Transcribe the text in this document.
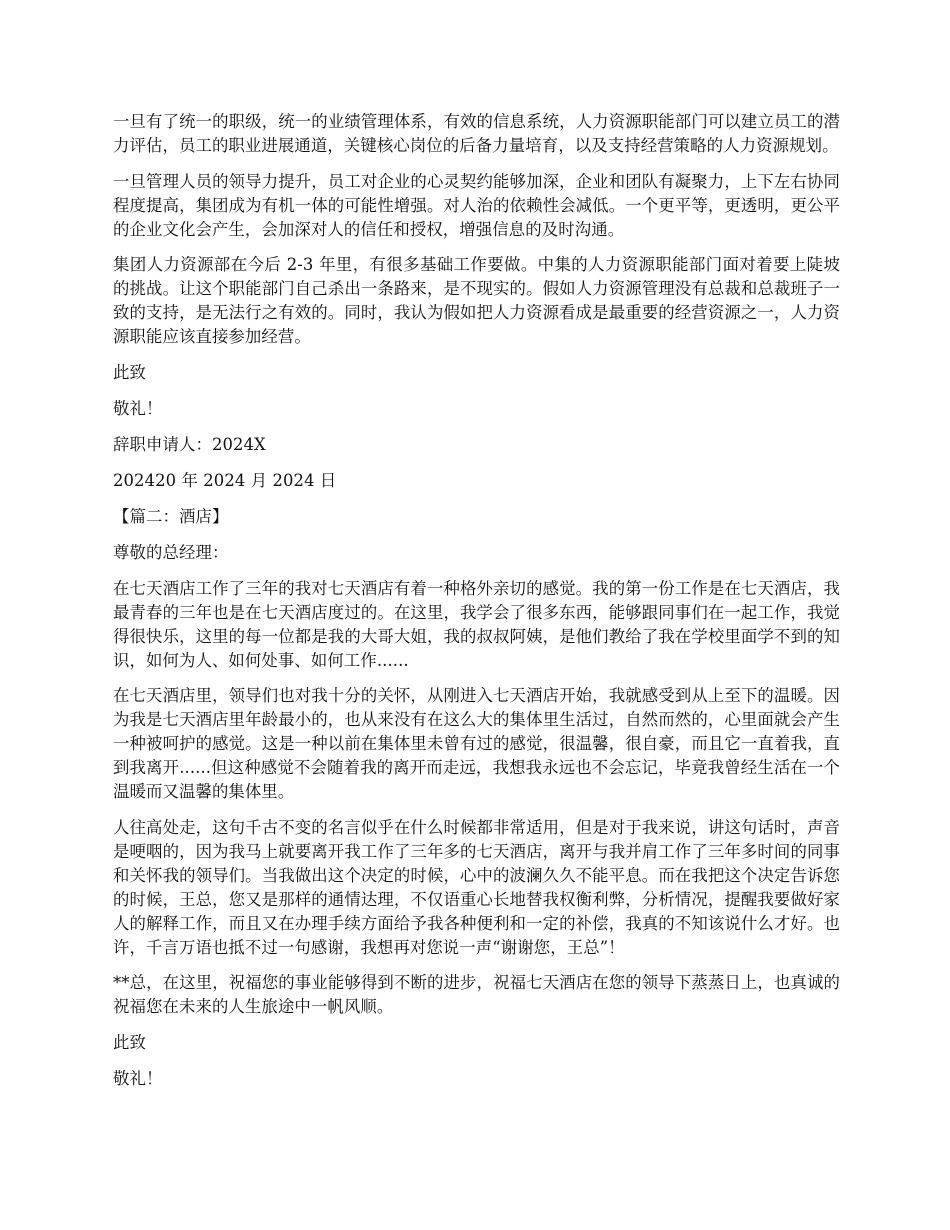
一旦有了统一的职级，统一的业绩管理体系，有效的信息系统，人力资源职能部门可以建立员工的潜力评估，员工的职业进展通道，关键核心岗位的后备力量培育，以及支持经营策略的人力资源规划。

一旦管理人员的领导力提升，员工对企业的心灵契约能够加深，企业和团队有凝聚力，上下左右协同程度提高，集团成为有机一体的可能性增强。对人治的依赖性会减低。一个更平等，更透明，更公平的企业文化会产生，会加深对人的信任和授权，增强信息的及时沟通。

集团人力资源部在今后 2-3 年里，有很多基础工作要做。中集的人力资源职能部门面对着要上陡坡的挑战。让这个职能部门自己杀出一条路来，是不现实的。假如人力资源管理没有总裁和总裁班子一致的支持，是无法行之有效的。同时，我认为假如把人力资源看成是最重要的经营资源之一，人力资源职能应该直接参加经营。

此致

敬礼！

辞职申请人：2024X

202420 年 2024 月 2024 日

【篇二：酒店】

尊敬的总经理：

在七天酒店工作了三年的我对七天酒店有着一种格外亲切的感觉。我的第一份工作是在七天酒店，我最青春的三年也是在七天酒店度过的。在这里，我学会了很多东西，能够跟同事们在一起工作，我觉得很快乐，这里的每一位都是我的大哥大姐，我的叔叔阿姨，是他们教给了我在学校里面学不到的知识，如何为人、如何处事、如何工作......

在七天酒店里，领导们也对我十分的关怀，从刚进入七天酒店开始，我就感受到从上至下的温暖。因为我是七天酒店里年龄最小的，也从来没有在这么大的集体里生活过，自然而然的，心里面就会产生一种被呵护的感觉。这是一种以前在集体里未曾有过的感觉，很温馨，很自豪，而且它一直着我，直到我离开......但这种感觉不会随着我的离开而走远，我想我永远也不会忘记，毕竟我曾经生活在一个温暖而又温馨的集体里。

人往高处走，这句千古不变的名言似乎在什么时候都非常适用，但是对于我来说，讲这句话时，声音是哽咽的，因为我马上就要离开我工作了三年多的七天酒店，离开与我并肩工作了三年多时间的同事和关怀我的领导们。当我做出这个决定的时候，心中的波澜久久不能平息。而在我把这个决定告诉您的时候，王总，您又是那样的通情达理，不仅语重心长地替我权衡利弊，分析情况，提醒我要做好家人的解释工作，而且又在办理手续方面给予我各种便利和一定的补偿，我真的不知该说什么才好。也许，千言万语也抵不过一句感谢，我想再对您说一声“谢谢您，王总”！

**总，在这里，祝福您的事业能够得到不断的进步，祝福七天酒店在您的领导下蒸蒸日上，也真诚的祝福您在未来的人生旅途中一帆风顺。

此致

敬礼！
